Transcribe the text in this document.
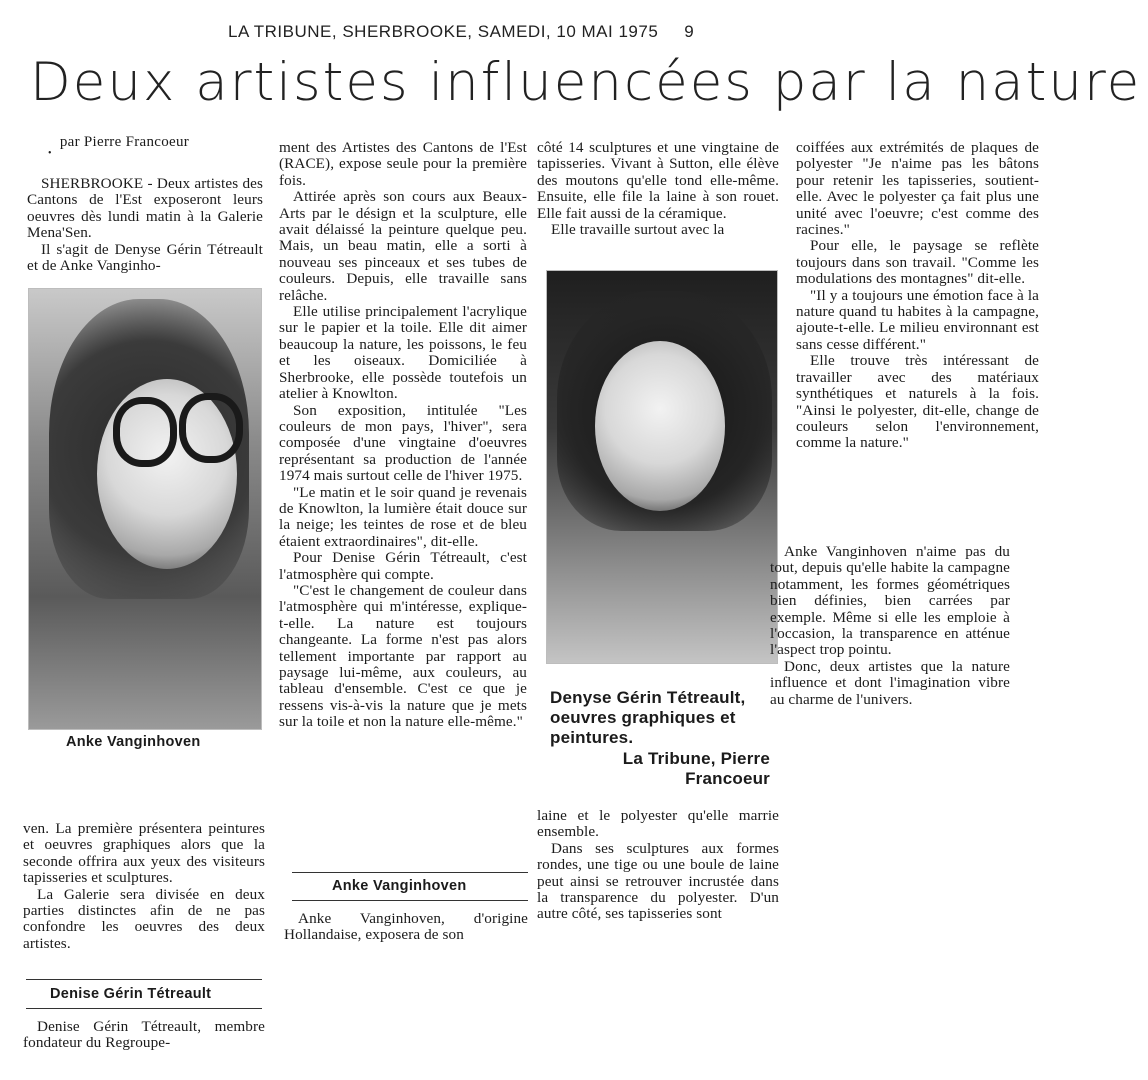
LA TRIBUNE, SHERBROOKE, SAMEDI, 10 MAI 1975 9
Deux artistes influencées par la nature
$_•$par Pierre Francoeur

SHERBROOKE - Deux artistes des Cantons de l'Est exposeront leurs oeuvres dès lundi matin à la Galerie Mena'Sen.

Il s'agit de Denyse Gérin Tétreault et de Anke Vanginho-

Anke Vanginhoven

ven. La première présentera peintures et oeuvres graphiques alors que la seconde offrira aux yeux des visiteurs tapisseries et sculptures.

La Galerie sera divisée en deux parties distinctes afin de ne pas confondre les oeuvres des deux artistes.

Denise Gérin Tétreault

Denise Gérin Tétreault, membre fondateur du Regroupe-

ment des Artistes des Cantons de l'Est (RACE), expose seule pour la première fois.

Attirée après son cours aux Beaux-Arts par le désign et la sculpture, elle avait délaissé la peinture quelque peu. Mais, un beau matin, elle a sorti à nouveau ses pinceaux et ses tubes de couleurs. Depuis, elle travaille sans relâche.

Elle utilise principalement l'acrylique sur le papier et la toile. Elle dit aimer beaucoup la nature, les poissons, le feu et les oiseaux. Domiciliée à Sherbrooke, elle possède toutefois un atelier à Knowlton.

Son exposition, intitulée "Les couleurs de mon pays, l'hiver", sera composée d'une vingtaine d'oeuvres représentant sa production de l'année 1974 mais surtout celle de l'hiver 1975.

"Le matin et le soir quand je revenais de Knowlton, la lumière était douce sur la neige; les teintes de rose et de bleu étaient extraordinaires", dit-elle.

Pour Denise Gérin Tétreault, c'est l'atmosphère qui compte.

"C'est le changement de couleur dans l'atmosphère qui m'intéresse, explique-t-elle. La nature est toujours changeante. La forme n'est pas alors tellement importante par rapport au paysage lui-même, aux couleurs, au tableau d'ensemble. C'est ce que je ressens vis-à-vis la nature que je mets sur la toile et non la nature elle-même."

Anke Vanginhoven

Anke Vanginhoven, d'origine Hollandaise, exposera de son

côté 14 sculptures et une vingtaine de tapisseries. Vivant à Sutton, elle élève des moutons qu'elle tond elle-même. Ensuite, elle file la laine à son rouet. Elle fait aussi de la céramique.

Elle travaille surtout avec la

Denyse Gérin Tétreault, oeuvres graphiques et peintures.
La Tribune, Pierre Francoeur

laine et le polyester qu'elle marrie ensemble.

Dans ses sculptures aux formes rondes, une tige ou une boule de laine peut ainsi se retrouver incrustée dans la transparence du polyester. D'un autre côté, ses tapisseries sont

coiffées aux extrémités de plaques de polyester "Je n'aime pas les bâtons pour retenir les tapisseries, soutient-elle. Avec le polyester ça fait plus une unité avec l'oeuvre; c'est comme des racines."

Pour elle, le paysage se reflète toujours dans son travail. "Comme les modulations des montagnes" dit-elle.

"Il y a toujours une émotion face à la nature quand tu habites à la campagne, ajoute-t-elle. Le milieu environnant est sans cesse différent."

Elle trouve très intéressant de travailler avec des matériaux synthétiques et naturels à la fois. "Ainsi le polyester, dit-elle, change de couleurs selon l'environnement, comme la nature."

Anke Vanginhoven n'aime pas du tout, depuis qu'elle habite la campagne notamment, les formes géométriques bien définies, bien carrées par exemple. Même si elle les emploie à l'occasion, la transparence en atténue l'aspect trop pointu.

Donc, deux artistes que la nature influence et dont l'imagination vibre au charme de l'univers.
